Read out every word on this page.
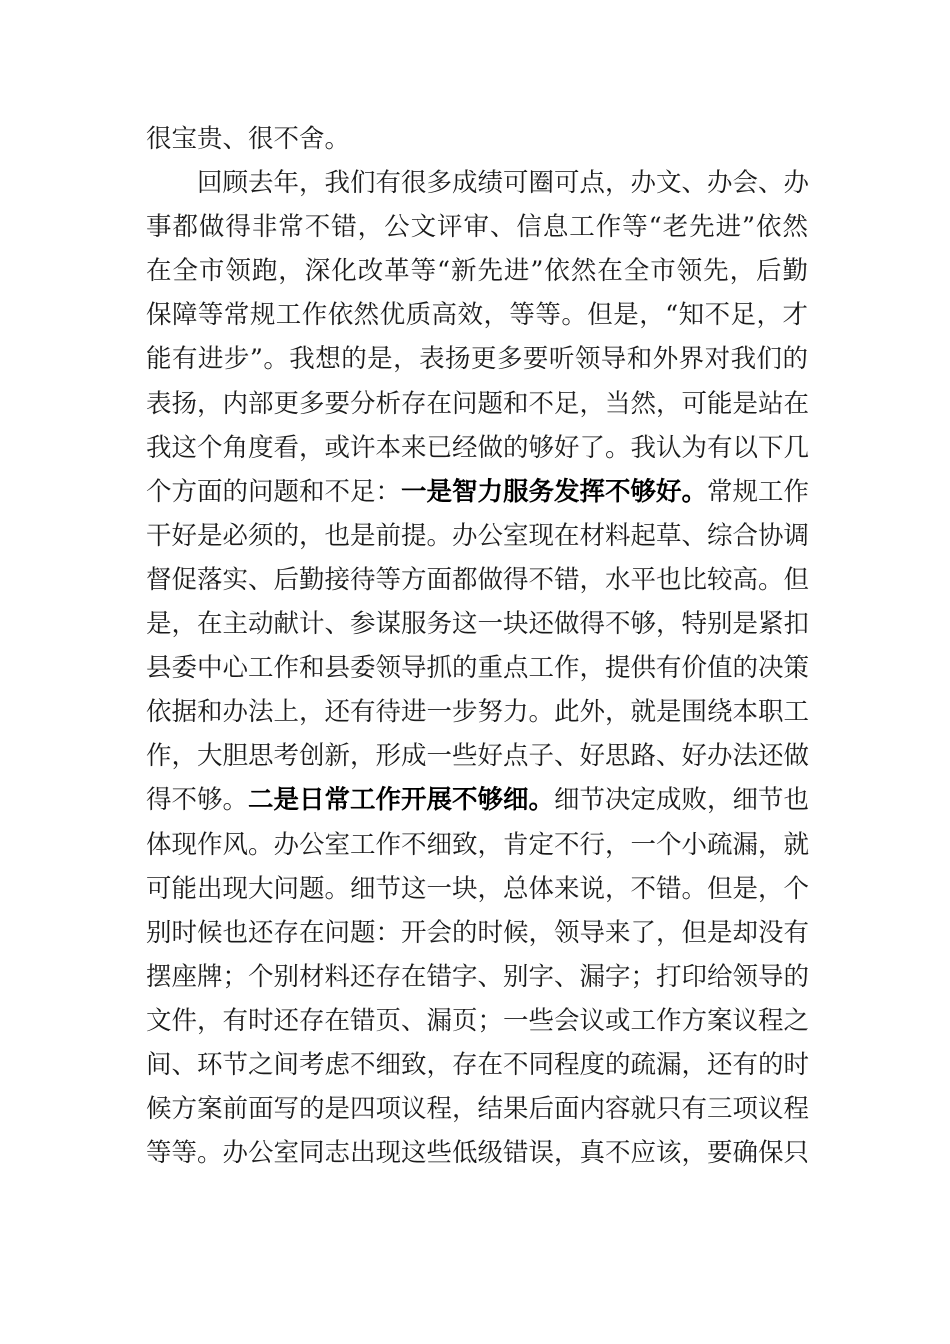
很宝贵、很不舍。
回顾去年，我们有很多成绩可圈可点，办文、办会、办
事都做得非常不错，公文评审、信息工作等“老先进”依然
在全市领跑，深化改革等“新先进”依然在全市领先，后勤
保障等常规工作依然优质高效，等等。但是，“知不足，才
能有进步”。我想的是，表扬更多要听领导和外界对我们的
表扬，内部更多要分析存在问题和不足，当然，可能是站在
我这个角度看，或许本来已经做的够好了。我认为有以下几
个方面的问题和不足：一是智力服务发挥不够好。常规工作
干好是必须的，也是前提。办公室现在材料起草、综合协调
督促落实、后勤接待等方面都做得不错，水平也比较高。但
是，在主动献计、参谋服务这一块还做得不够，特别是紧扣
县委中心工作和县委领导抓的重点工作，提供有价值的决策
依据和办法上，还有待进一步努力。此外，就是围绕本职工
作，大胆思考创新，形成一些好点子、好思路、好办法还做
得不够。二是日常工作开展不够细。细节决定成败，细节也
体现作风。办公室工作不细致，肯定不行，一个小疏漏，就
可能出现大问题。细节这一块，总体来说，不错。但是，个
别时候也还存在问题：开会的时候，领导来了，但是却没有
摆座牌；个别材料还存在错字、别字、漏字；打印给领导的
文件，有时还存在错页、漏页；一些会议或工作方案议程之
间、环节之间考虑不细致，存在不同程度的疏漏，还有的时
候方案前面写的是四项议程，结果后面内容就只有三项议程
等等。办公室同志出现这些低级错误，真不应该，要确保只
